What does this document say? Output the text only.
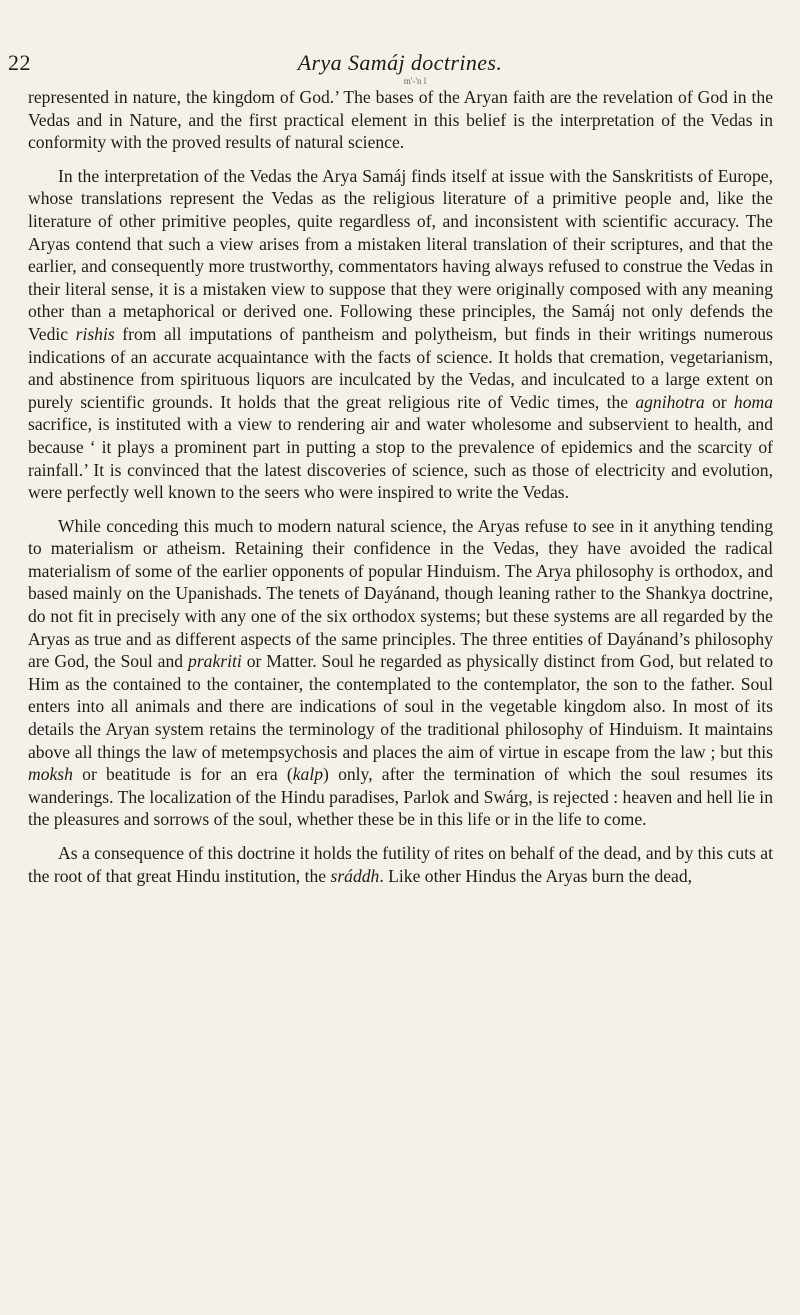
22	Arya Samáj doctrines.
m'-'n l

represented in nature, the kingdom of God.’ The bases of the Aryan faith are the revelation of God in the Vedas and in Nature, and the first practical element in this belief is the interpretation of the Vedas in conformity with the proved results of natural science.

In the interpretation of the Vedas the Arya Samáj finds itself at issue with the Sanskritists of Europe, whose translations represent the Vedas as the religious literature of a primitive people and, like the literature of other primitive peoples, quite regardless of, and inconsistent with scientific accuracy. The Aryas contend that such a view arises from a mistaken literal translation of their scriptures, and that the earlier, and consequently more trustworthy, commentators having always refused to construe the Vedas in their literal sense, it is a mistaken view to suppose that they were originally composed with any meaning other than a metaphorical or derived one. Following these principles, the Samáj not only defends the Vedic rishis from all imputations of pantheism and polytheism, but finds in their writings numerous indications of an accurate acquaintance with the facts of science. It holds that cremation, vegetarianism, and abstinence from spirituous liquors are inculcated by the Vedas, and inculcated to a large extent on purely scientific grounds. It holds that the great religious rite of Vedic times, the agnihotra or homa sacrifice, is instituted with a view to rendering air and water wholesome and subservient to health, and because ‘ it plays a prominent part in putting a stop to the prevalence of epidemics and the scarcity of rainfall.’ It is convinced that the latest discoveries of science, such as those of electricity and evolution, were perfectly well known to the seers who were inspired to write the Vedas.

While conceding this much to modern natural science, the Aryas refuse to see in it anything tending to materialism or atheism. Retaining their confidence in the Vedas, they have avoided the radical materialism of some of the earlier opponents of popular Hinduism. The Arya philosophy is orthodox, and based mainly on the Upanishads. The tenets of Dayánand, though leaning rather to the Shankya doctrine, do not fit in precisely with any one of the six orthodox systems; but these systems are all regarded by the Aryas as true and as different aspects of the same principles. The three entities of Dayánand’s philosophy are God, the Soul and prakriti or Matter. Soul he regarded as physically distinct from God, but related to Him as the contained to the container, the contemplated to the contemplator, the son to the father. Soul enters into all animals and there are indications of soul in the vegetable kingdom also. In most of its details the Aryan system retains the terminology of the traditional philosophy of Hinduism. It maintains above all things the law of metempsychosis and places the aim of virtue in escape from the law ; but this moksh or beatitude is for an era (kalp) only, after the termination of which the soul resumes its wanderings. The localization of the Hindu paradises, Parlok and Swárg, is rejected : heaven and hell lie in the pleasures and sorrows of the soul, whether these be in this life or in the life to come.

As a consequence of this doctrine it holds the futility of rites on behalf of the dead, and by this cuts at the root of that great Hindu institution, the sráddh. Like other Hindus the Aryas burn the dead,
